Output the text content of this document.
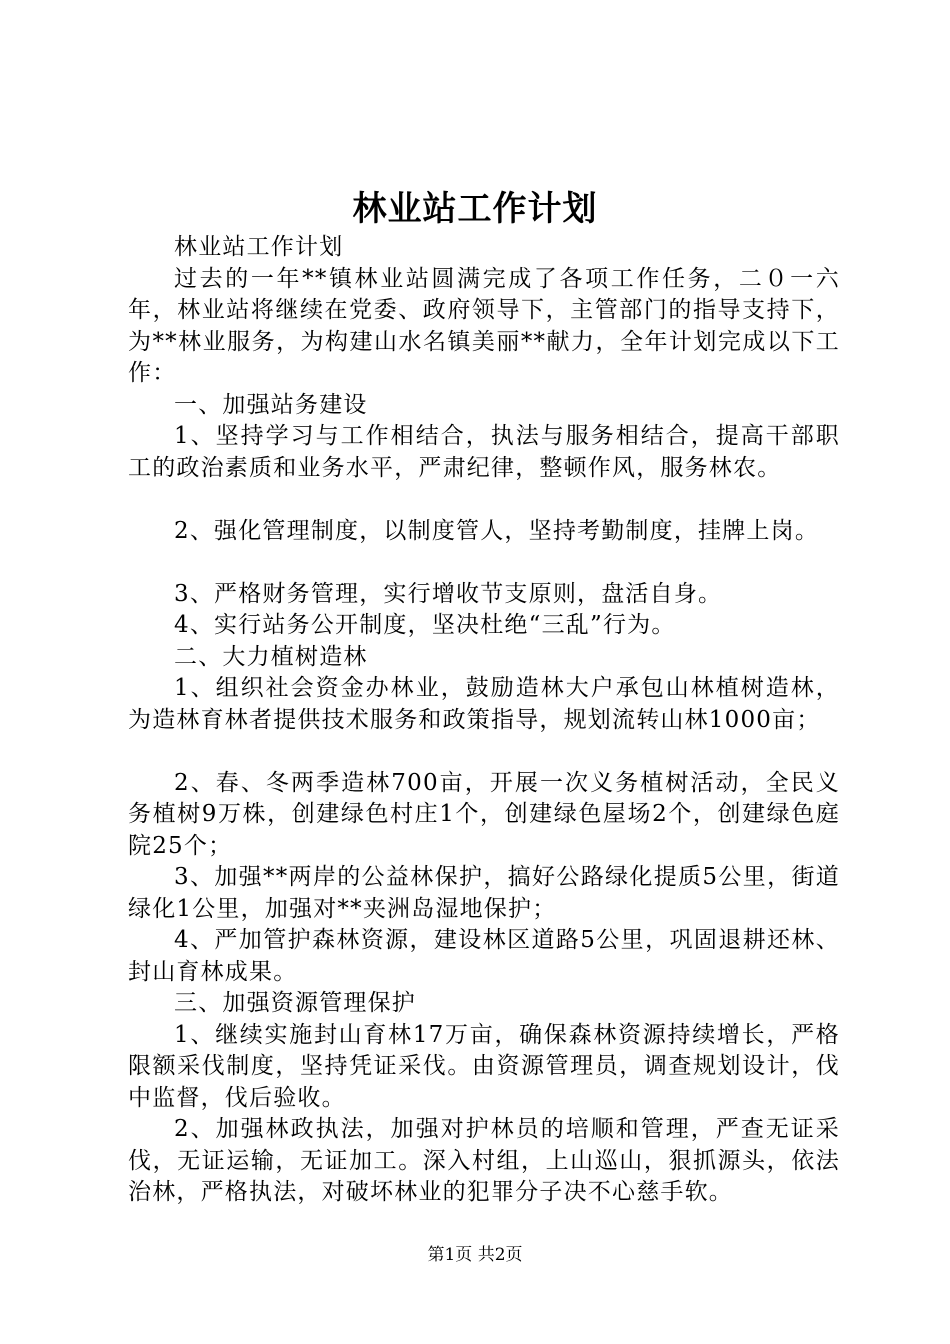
林业站工作计划

林业站工作计划

过去的一年**镇林业站圆满完成了各项工作任务，二０一六年，林业站将继续在党委、政府领导下，主管部门的指导支持下，为**林业服务，为构建山水名镇美丽**献力，全年计划完成以下工作：

一、加强站务建设

1、坚持学习与工作相结合，执法与服务相结合，提高干部职工的政治素质和业务水平，严肃纪律，整顿作风，服务林农。

2、强化管理制度，以制度管人，坚持考勤制度，挂牌上岗。

3、严格财务管理，实行增收节支原则，盘活自身。

4、实行站务公开制度，坚决杜绝“三乱”行为。

二、大力植树造林

1、组织社会资金办林业，鼓励造林大户承包山林植树造林，为造林育林者提供技术服务和政策指导，规划流转山林1000亩；

2、春、冬两季造林700亩，开展一次义务植树活动，全民义务植树9万株，创建绿色村庄1个，创建绿色屋场2个，创建绿色庭院25个；

3、加强**两岸的公益林保护，搞好公路绿化提质5公里，街道绿化1公里，加强对**夹洲岛湿地保护；

4、严加管护森林资源，建设林区道路5公里，巩固退耕还林、封山育林成果。

三、加强资源管理保护

1、继续实施封山育林17万亩，确保森林资源持续增长，严格限额采伐制度，坚持凭证采伐。由资源管理员，调查规划设计，伐中监督，伐后验收。

2、加强林政执法，加强对护林员的培顺和管理，严查无证采伐，无证运输，无证加工。深入村组，上山巡山，狠抓源头，依法治林，严格执法，对破坏林业的犯罪分子决不心慈手软。

第1页 共2页
